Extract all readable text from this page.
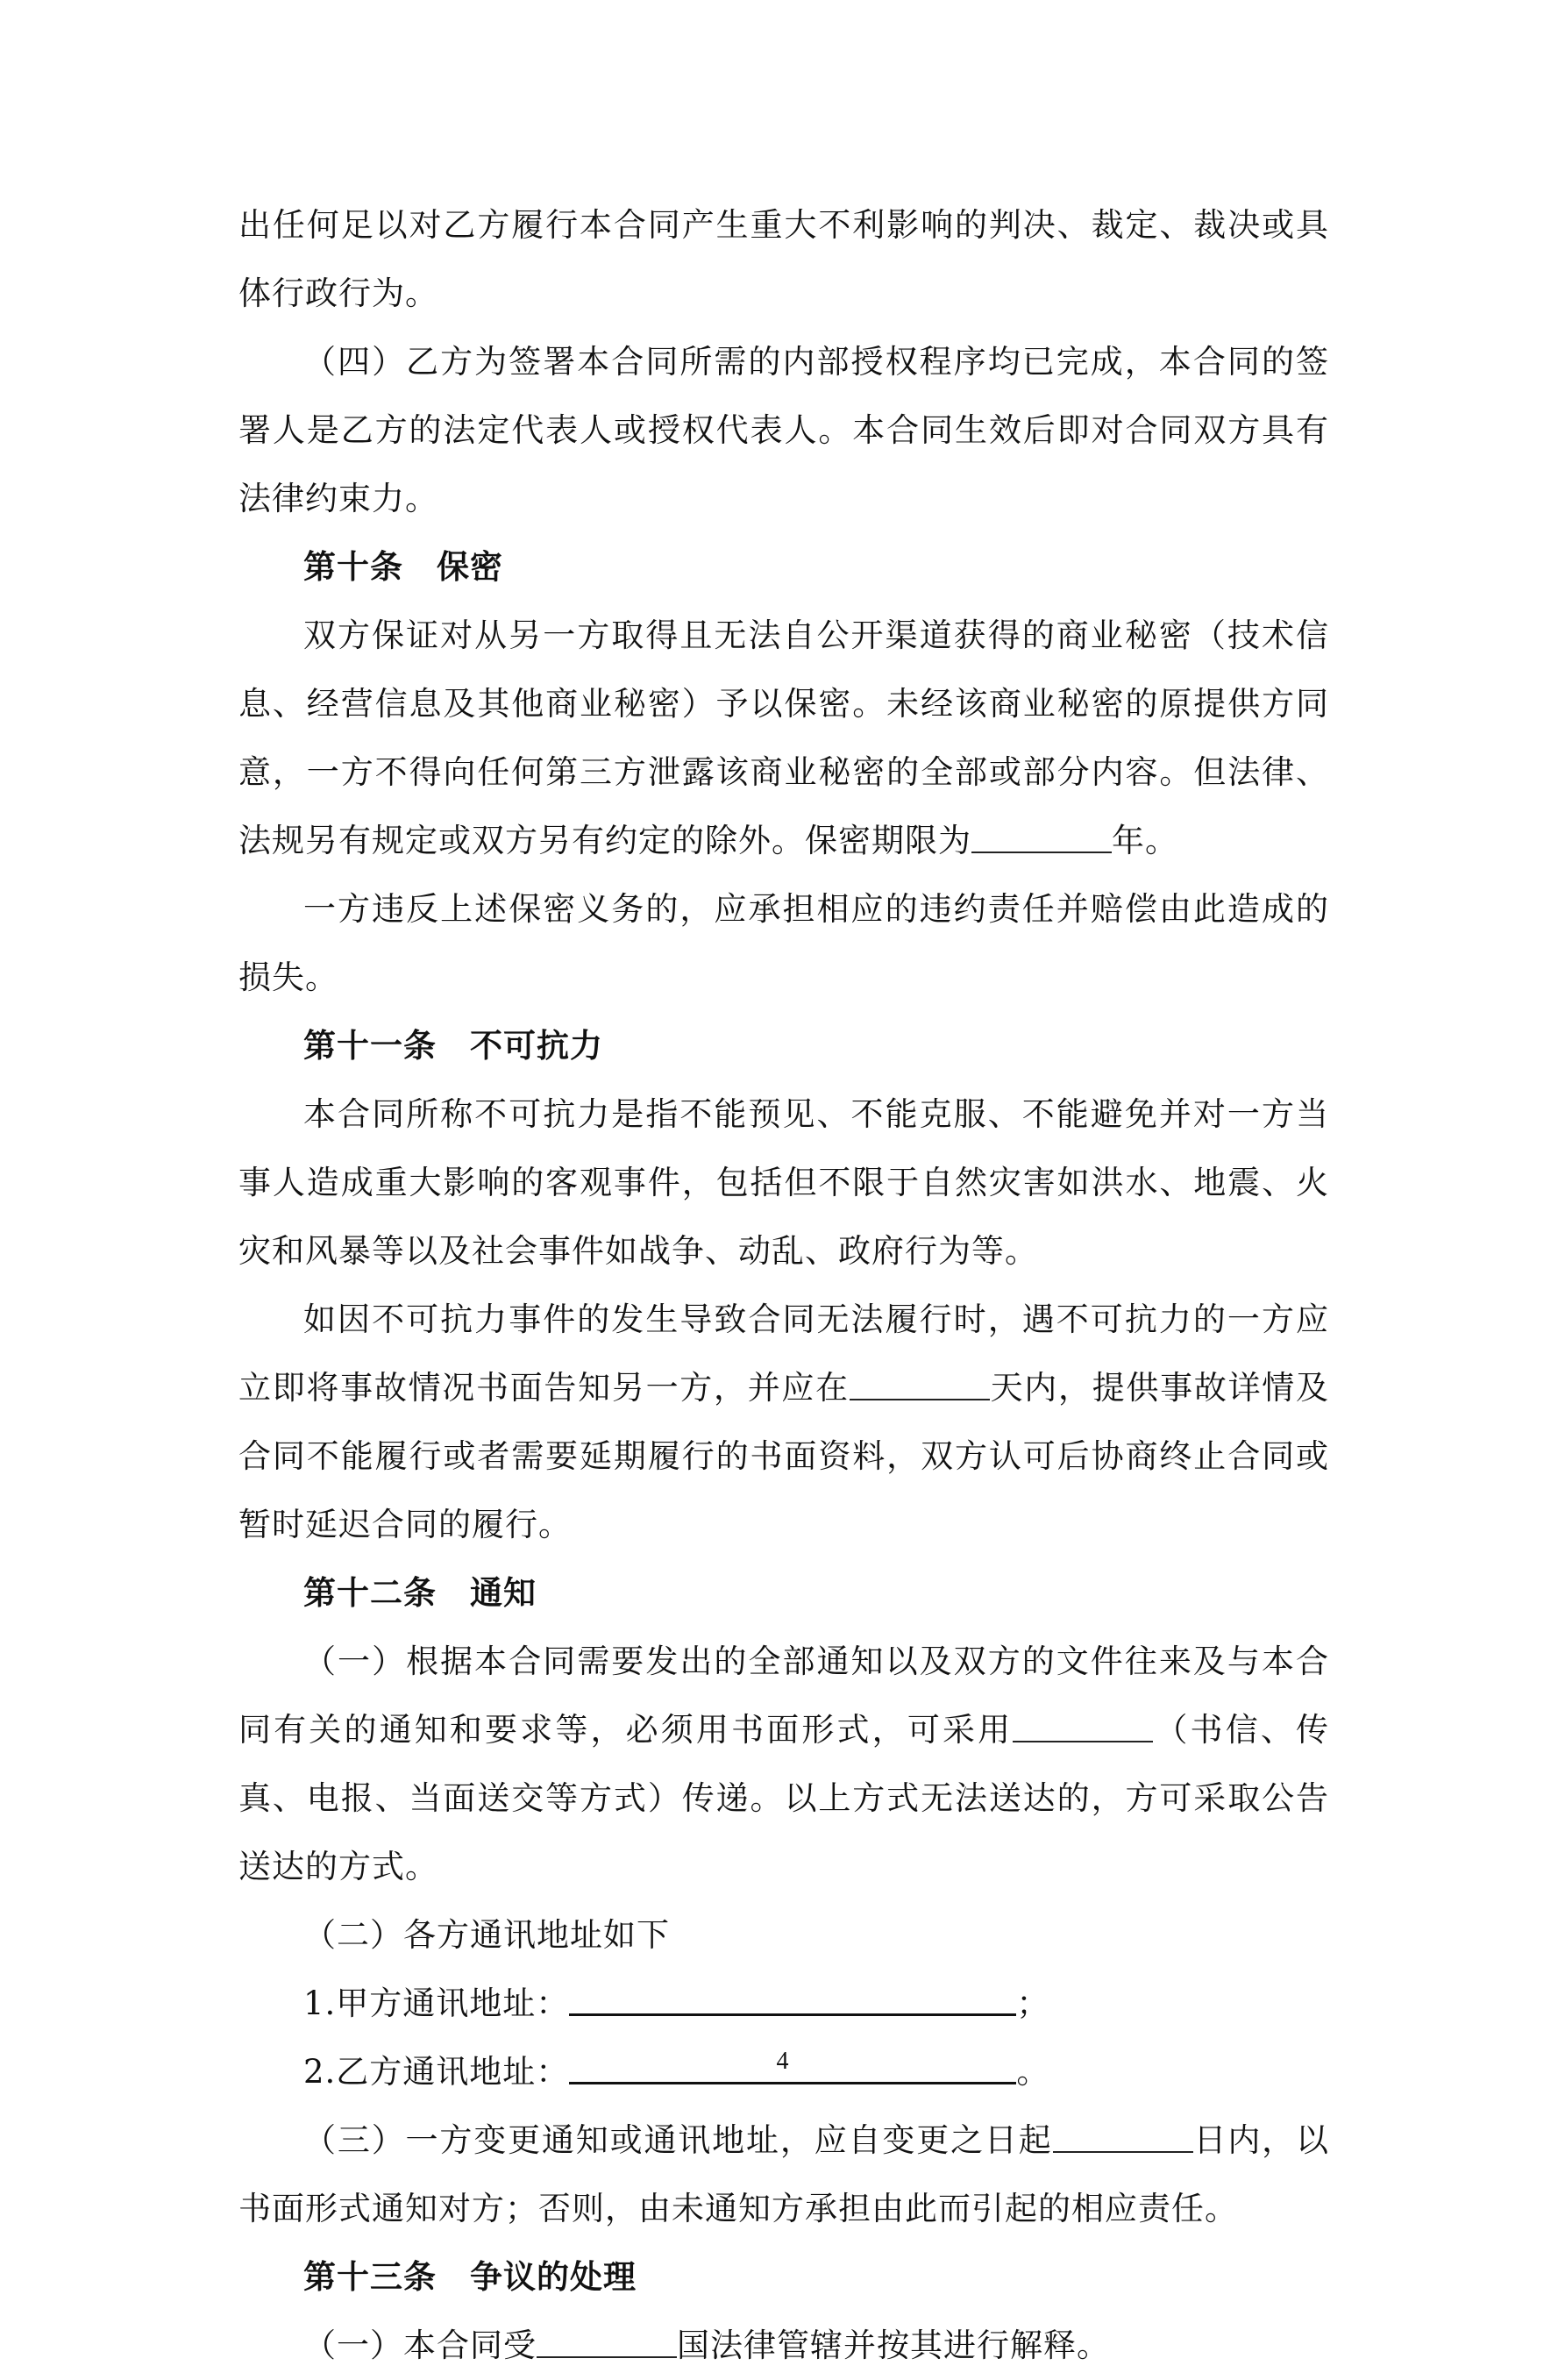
出任何足以对乙方履行本合同产生重大不利影响的判决、裁定、裁决或具体行政行为。

（四）乙方为签署本合同所需的内部授权程序均已完成，本合同的签署人是乙方的法定代表人或授权代表人。本合同生效后即对合同双方具有法律约束力。

第十条 保密

双方保证对从另一方取得且无法自公开渠道获得的商业秘密（技术信息、经营信息及其他商业秘密）予以保密。未经该商业秘密的原提供方同意，一方不得向任何第三方泄露该商业秘密的全部或部分内容。但法律、法规另有规定或双方另有约定的除外。保密期限为	年。

一方违反上述保密义务的，应承担相应的违约责任并赔偿由此造成的损失。

第十一条 不可抗力

本合同所称不可抗力是指不能预见、不能克服、不能避免并对一方当事人造成重大影响的客观事件，包括但不限于自然灾害如洪水、地震、火灾和风暴等以及社会事件如战争、动乱、政府行为等。

如因不可抗力事件的发生导致合同无法履行时，遇不可抗力的一方应立即将事故情况书面告知另一方，并应在	天内，提供事故详情及合同不能履行或者需要延期履行的书面资料，双方认可后协商终止合同或暂时延迟合同的履行。

第十二条 通知

（一）根据本合同需要发出的全部通知以及双方的文件往来及与本合同有关的通知和要求等，必须用书面形式，可采用	（书信、传真、电报、当面送交等方式）传递。以上方式无法送达的，方可采取公告送达的方式。

（二）各方通讯地址如下

1.甲方通讯地址：	；

2.乙方通讯地址：	。

（三）一方变更通知或通讯地址，应自变更之日起	日内，以书面形式通知对方；否则，由未通知方承担由此而引起的相应责任。

第十三条 争议的处理

（一）本合同受	国法律管辖并按其进行解释。

4
